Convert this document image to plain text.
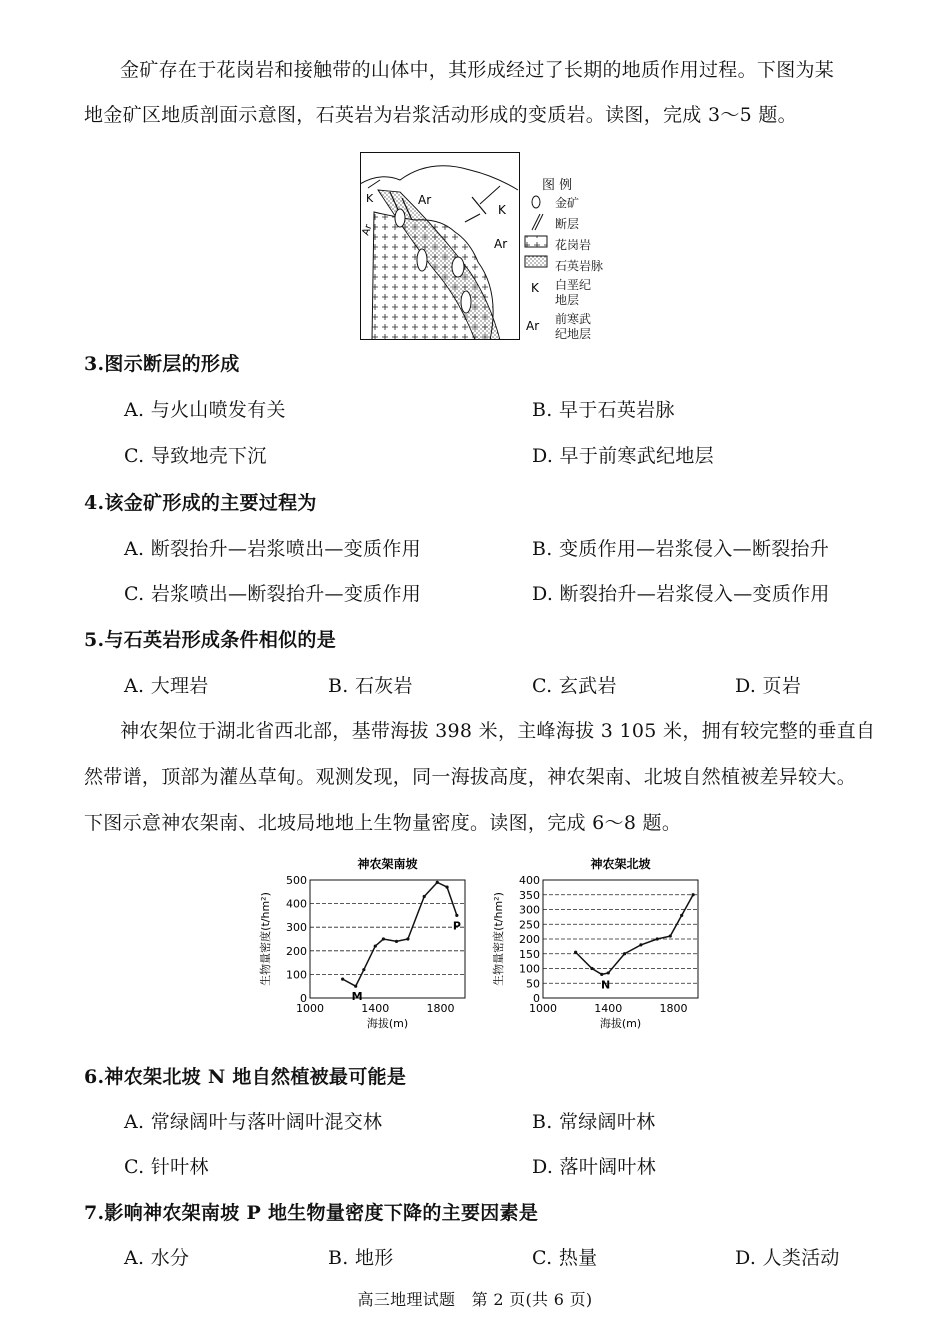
金矿存在于花岗岩和接触带的山体中，其形成经过了长期的地质作用过程。下图为某
地金矿区地质剖面示意图，石英岩为岩浆活动形成的变质岩。读图，完成 3～5 题。
K	Ar
K
Ar
Ar
图 例
K
Ar
金矿
断层
花岗岩
石英岩脉
白垩纪
地层
前寒武
纪地层
3.图示断层的形成
A. 与火山喷发有关	B. 早于石英岩脉
C. 导致地壳下沉	D. 早于前寒武纪地层
4.该金矿形成的主要过程为
A. 断裂抬升—岩浆喷出—变质作用	B. 变质作用—岩浆侵入—断裂抬升
C. 岩浆喷出—断裂抬升—变质作用	D. 断裂抬升—岩浆侵入—变质作用
5.与石英岩形成条件相似的是
A. 大理岩	B. 石灰岩	C. 玄武岩	D. 页岩
神农架位于湖北省西北部，基带海拔 398 米，主峰海拔 3 105 米，拥有较完整的垂直自
然带谱，顶部为灌丛草甸。观测发现，同一海拔高度，神农架南、北坡自然植被差异较大。
下图示意神农架南、北坡局地地上生物量密度。读图，完成 6～8 题。
神农架南坡
0
100
200
300
400
500
1000	1400	1800
海拔(m)
生物量密度(t/hm²)
M
P
神农架北坡
0
50
100
150
200
250
300
350
400
1000	1400	1800
海拔(m)
生物量密度(t/hm²)	N
6.神农架北坡 N 地自然植被最可能是
A. 常绿阔叶与落叶阔叶混交林	B. 常绿阔叶林
C. 针叶林	D. 落叶阔叶林
7.影响神农架南坡 P 地生物量密度下降的主要因素是
A. 水分	B. 地形	C. 热量	D. 人类活动
高三地理试题　第 2 页(共 6 页)
